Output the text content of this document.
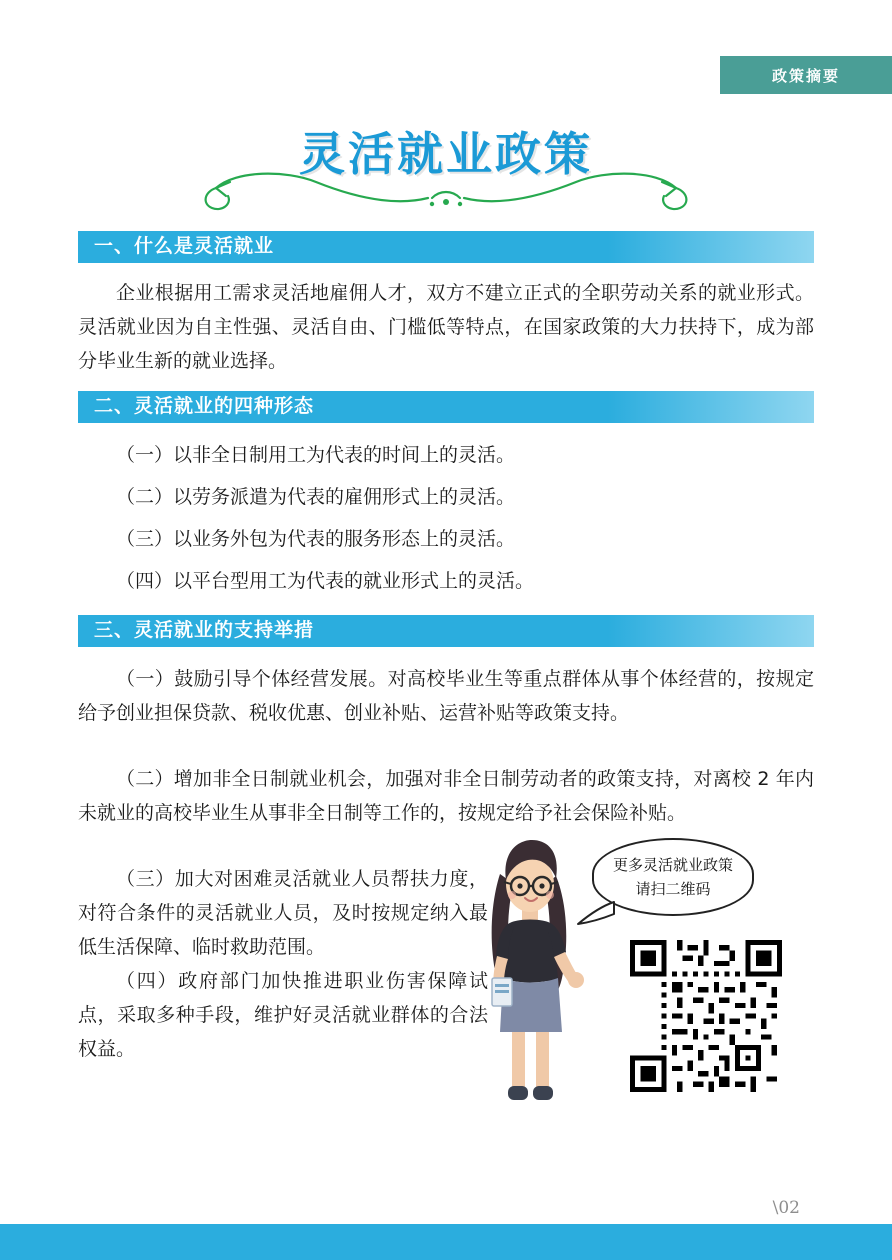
政策摘要
灵活就业政策
一、什么是灵活就业
企业根据用工需求灵活地雇佣人才，双方不建立正式的全职劳动关系的就业形式。灵活就业因为自主性强、灵活自由、门槛低等特点，在国家政策的大力扶持下，成为部分毕业生新的就业选择。
二、灵活就业的四种形态
（一）以非全日制用工为代表的时间上的灵活。
（二）以劳务派遣为代表的雇佣形式上的灵活。
（三）以业务外包为代表的服务形态上的灵活。
（四）以平台型用工为代表的就业形式上的灵活。
三、灵活就业的支持举措
（一）鼓励引导个体经营发展。对高校毕业生等重点群体从事个体经营的，按规定给予创业担保贷款、税收优惠、创业补贴、运营补贴等政策支持。
（二）增加非全日制就业机会，加强对非全日制劳动者的政策支持，对离校 2 年内未就业的高校毕业生从事非全日制等工作的，按规定给予社会保险补贴。
（三）加大对困难灵活就业人员帮扶力度，对符合条件的灵活就业人员，及时按规定纳入最低生活保障、临时救助范围。
（四）政府部门加快推进职业伤害保障试点，采取多种手段，维护好灵活就业群体的合法权益。
更多灵活就业政策
请扫二维码
\02
